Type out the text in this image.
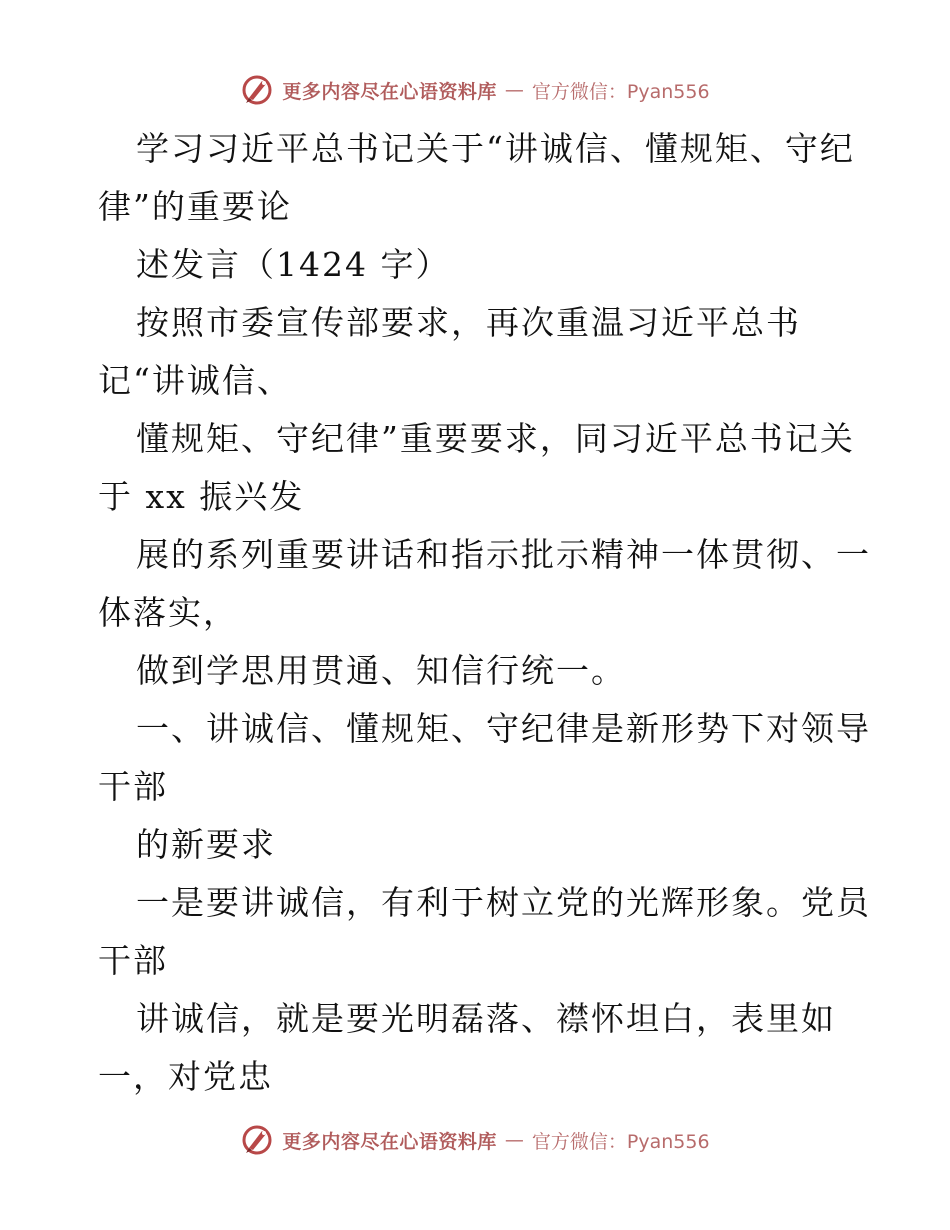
更多内容尽在心语资料库 — 官方微信：Pyan556
学习习近平总书记关于“讲诚信、懂规矩、守纪
律”的重要论
述发言（1424 字）
按照市委宣传部要求，再次重温习近平总书
记“讲诚信、
懂规矩、守纪律”重要要求，同习近平总书记关
于 xx 振兴发
展的系列重要讲话和指示批示精神一体贯彻、一
体落实，
做到学思用贯通、知信行统一。
一、讲诚信、懂规矩、守纪律是新形势下对领导
干部
的新要求
一是要讲诚信，有利于树立党的光辉形象。党员
干部
讲诚信，就是要光明磊落、襟怀坦白，表里如
一，对党忠
更多内容尽在心语资料库 — 官方微信：Pyan556
